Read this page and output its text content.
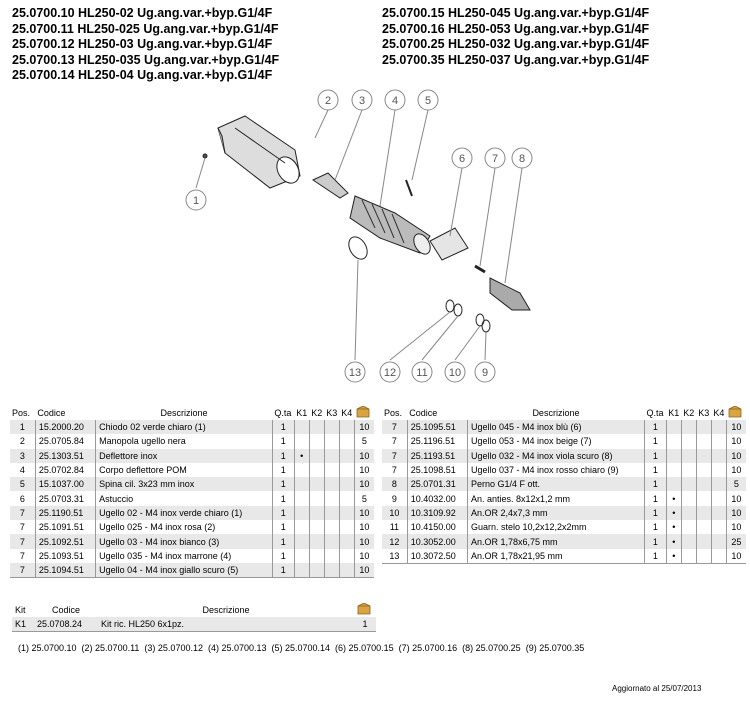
25.0700.10 HL250-02 Ug.ang.var.+byp.G1/4F
25.0700.11 HL250-025 Ug.ang.var.+byp.G1/4F
25.0700.12 HL250-03 Ug.ang.var.+byp.G1/4F
25.0700.13 HL250-035 Ug.ang.var.+byp.G1/4F
25.0700.14 HL250-04 Ug.ang.var.+byp.G1/4F
25.0700.15 HL250-045 Ug.ang.var.+byp.G1/4F
25.0700.16 HL250-053 Ug.ang.var.+byp.G1/4F
25.0700.25 HL250-032 Ug.ang.var.+byp.G1/4F
25.0700.35 HL250-037 Ug.ang.var.+byp.G1/4F
1
2	3 4 5
6 7 8
9
10
11
12
13
Pos.	Codice	Descrizione	Q.ta	K1	K2	K3	K4	
1	15.2000.20	Chiodo 02 verde chiaro (1)	1					10
2	25.0705.84	Manopola ugello nera	1					5
3	25.1303.51	Deflettore inox	1	•				10
4	25.0702.84	Corpo deflettore POM	1					10
5	15.1037.00	Spina cil. 3x23 mm inox	1					10
6	25.0703.31	Astuccio	1					5
7	25.1190.51	Ugello 02 - M4 inox verde chiaro (1)	1					10
7	25.1091.51	Ugello 025 - M4 inox rosa (2)	1					10
7	25.1092.51	Ugello 03 - M4 inox bianco (3)	1					10
7	25.1093.51	Ugello 035 - M4 inox marrone (4)	1					10
7	25.1094.51	Ugello 04 - M4 inox giallo scuro (5)	1					10
Pos.	Codice	Descrizione	Q.ta	K1	K2	K3	K4	
7	25.1095.51	Ugello 045 - M4 inox blù (6)	1					10
7	25.1196.51	Ugello 053 - M4 inox beige (7)	1					10
7	25.1193.51	Ugello 032 - M4 inox viola scuro (8)	1					10
7	25.1098.51	Ugello 037 - M4 inox rosso chiaro (9)	1					10
8	25.0701.31	Perno G1/4 F ott.	1					5
9	10.4032.00	An. anties. 8x12x1,2 mm	1	•				10
10	10.3109.92	An.OR 2,4x7,3 mm	1	•				10
11	10.4150.00	Guarn. stelo 10,2x12,2x2mm	1	•				10
12	10.3052.00	An.OR 1,78x6,75 mm	1	•				25
13	10.3072.50	An.OR 1,78x21,95 mm	1	•				10
Kit	Codice	Descrizione	
K1	25.0708.24	Kit ric. HL250 6x1pz.	1
(1) 25.0700.10  (2) 25.0700.11  (3) 25.0700.12  (4) 25.0700.13  (5) 25.0700.14  (6) 25.0700.15  (7) 25.0700.16  (8) 25.0700.25  (9) 25.0700.35
Aggiornato al 25/07/2013
